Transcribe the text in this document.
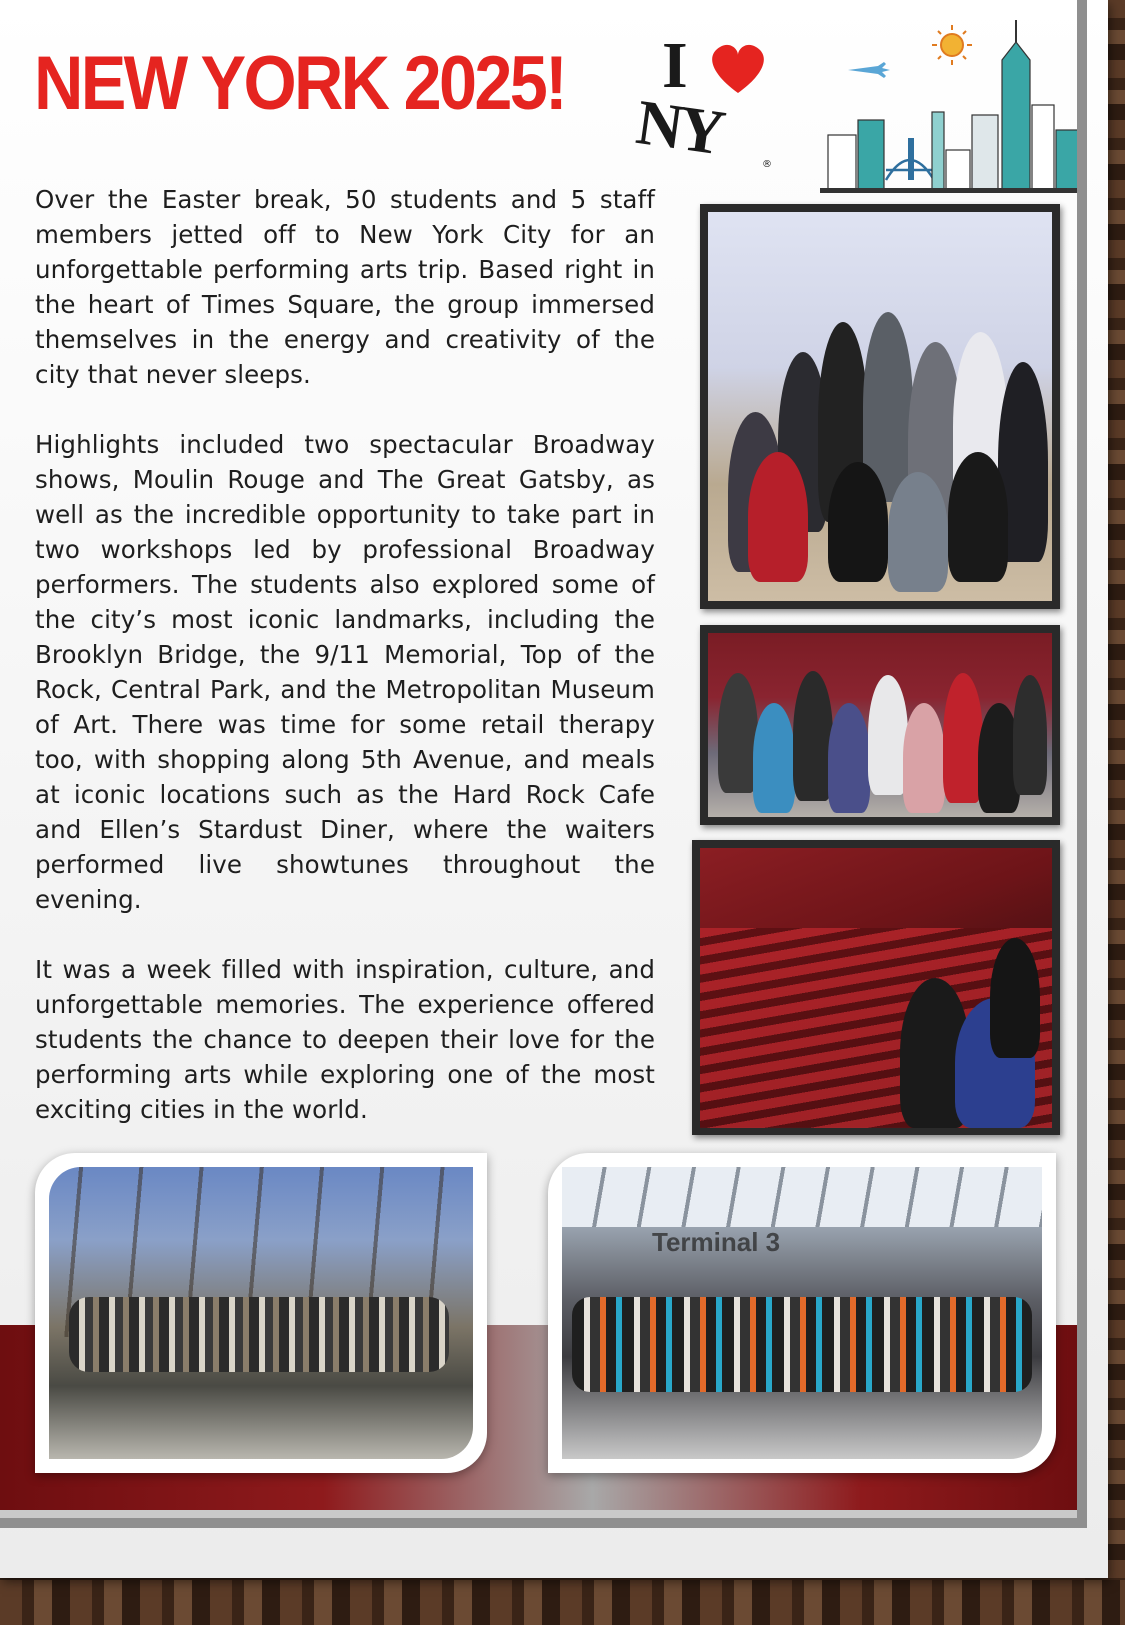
NEW YORK 2025! I
NY	®

Over the Easter break, 50 students and 5 staff members jetted off to New York City for an unforgettable performing arts trip. Based right in the heart of Times Square, the group immersed themselves in the energy and creativity of the city that never sleeps.

Highlights included two spectacular Broadway shows, Moulin Rouge and The Great Gatsby, as well as the incredible opportunity to take part in two workshops led by professional Broadway performers. The students also explored some of the city’s most iconic landmarks, including the Brooklyn Bridge, the 9/11 Memorial, Top of the Rock, Central Park, and the Metropolitan Museum of Art. There was time for some retail therapy too, with shopping along 5th Avenue, and meals at iconic locations such as the Hard Rock Cafe and Ellen’s Stardust Diner, where the waiters performed live showtunes throughout the evening.

It was a week filled with inspiration, culture, and unforgettable memories. The experience offered students the chance to deepen their love for the performing arts while exploring one of the most exciting cities in the world.

Terminal 3
